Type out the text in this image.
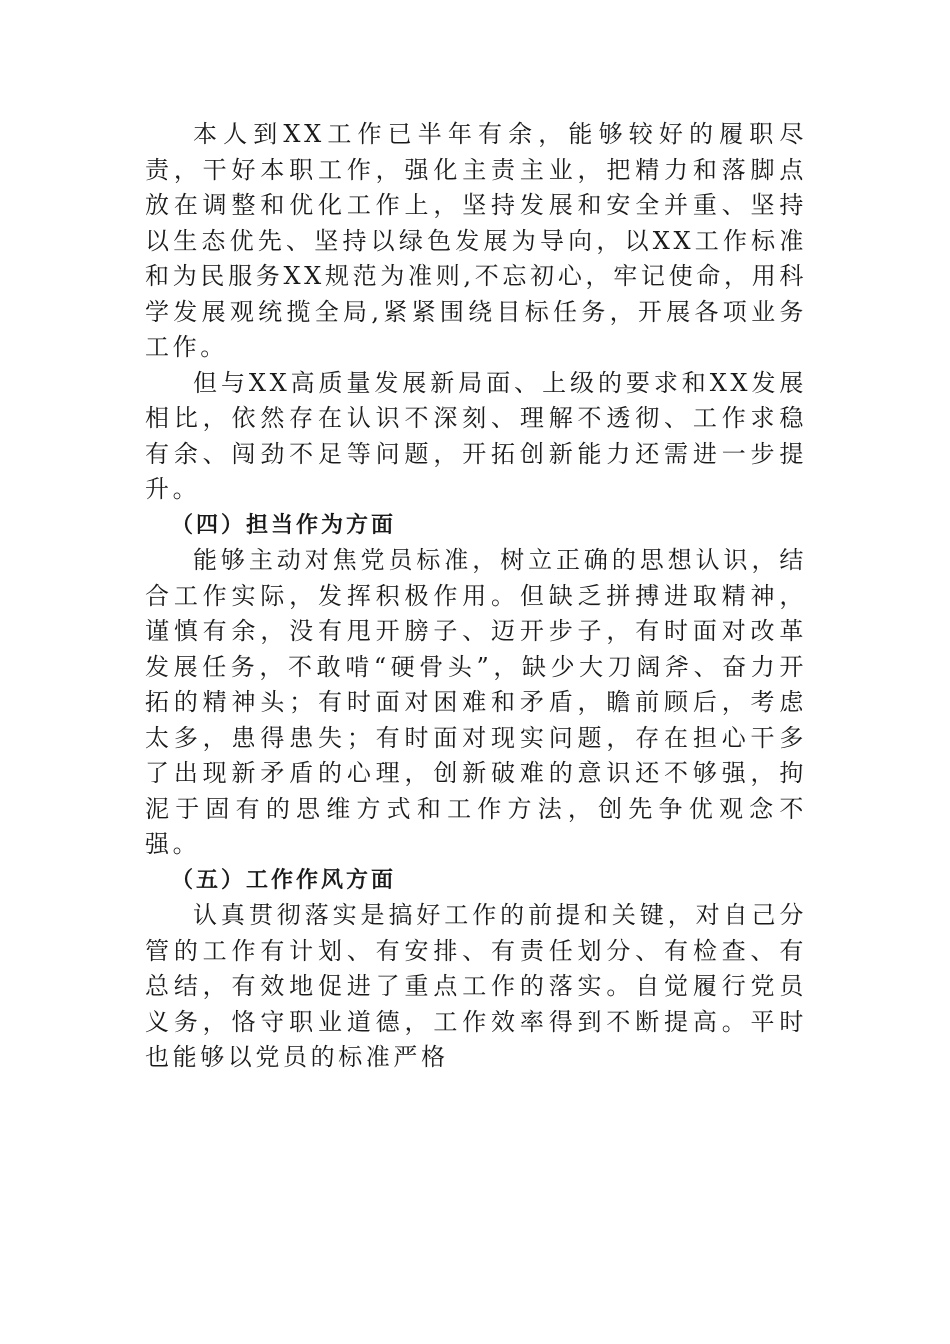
本人到XX工作已半年有余，能够较好的履职尽责，干好本职工作，强化主责主业，把精力和落脚点放在调整和优化工作上，坚持发展和安全并重、坚持以生态优先、坚持以绿色发展为导向，以XX工作标准和为民服务XX规范为准则,不忘初心，牢记使命，用科学发展观统揽全局,紧紧围绕目标任务，开展各项业务工作。

但与XX高质量发展新局面、上级的要求和XX发展相比，依然存在认识不深刻、理解不透彻、工作求稳有余、闯劲不足等问题，开拓创新能力还需进一步提升。

（四）担当作为方面

能够主动对焦党员标准，树立正确的思想认识，结合工作实际，发挥积极作用。但缺乏拼搏进取精神，谨慎有余，没有甩开膀子、迈开步子，有时面对改革发展任务，不敢啃“硬骨头”，缺少大刀阔斧、奋力开拓的精神头；有时面对困难和矛盾，瞻前顾后，考虑太多，患得患失；有时面对现实问题，存在担心干多了出现新矛盾的心理，创新破难的意识还不够强，拘泥于固有的思维方式和工作方法，创先争优观念不强。

（五）工作作风方面

认真贯彻落实是搞好工作的前提和关键，对自己分管的工作有计划、有安排、有责任划分、有检查、有总结，有效地促进了重点工作的落实。自觉履行党员义务，恪守职业道德，工作效率得到不断提高。平时也能够以党员的标准严格
